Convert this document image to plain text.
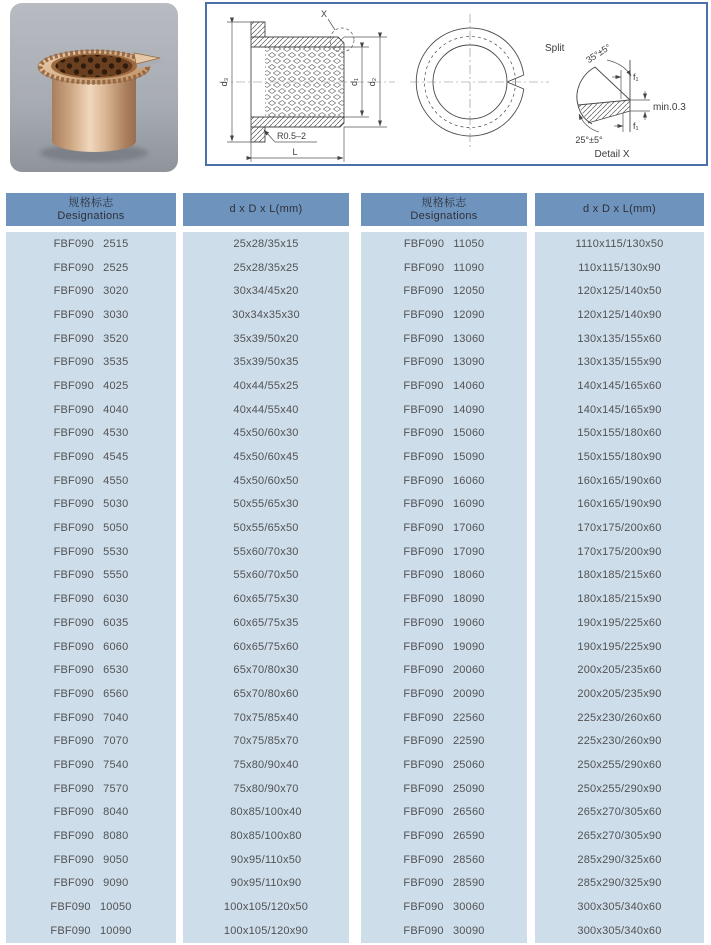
d₃	d₁ d₂
X
R0.5–2
L
Split 35°±5°
f₁
min.0.3
f₁
25°±5°
Detail X
规格标志
Designations
FBF090 2515
FBF090 2525
FBF090 3020
FBF090 3030
FBF090 3520
FBF090 3535
FBF090 4025
FBF090 4040
FBF090 4530
FBF090 4545
FBF090 4550
FBF090 5030
FBF090 5050
FBF090 5530
FBF090 5550
FBF090 6030
FBF090 6035
FBF090 6060
FBF090 6530
FBF090 6560
FBF090 7040
FBF090 7070
FBF090 7540
FBF090 7570
FBF090 8040
FBF090 8080
FBF090 9050
FBF090 9090
FBF090 10050
FBF090 10090
d x D x L(mm)
25x28/35x15
25x28/35x25
30x34/45x20
30x34x35x30
35x39/50x20
35x39/50x35
40x44/55x25
40x44/55x40
45x50/60x30
45x50/60x45
45x50/60x50
50x55/65x30
50x55/65x50
55x60/70x30
55x60/70x50
60x65/75x30
60x65/75x35
60x65/75x60
65x70/80x30
65x70/80x60
70x75/85x40
70x75/85x70
75x80/90x40
75x80/90x70
80x85/100x40
80x85/100x80
90x95/110x50
90x95/110x90
100x105/120x50
100x105/120x90
规格标志
Designations
FBF090 11050
FBF090 11090
FBF090 12050
FBF090 12090
FBF090 13060
FBF090 13090
FBF090 14060
FBF090 14090
FBF090 15060
FBF090 15090
FBF090 16060
FBF090 16090
FBF090 17060
FBF090 17090
FBF090 18060
FBF090 18090
FBF090 19060
FBF090 19090
FBF090 20060
FBF090 20090
FBF090 22560
FBF090 22590
FBF090 25060
FBF090 25090
FBF090 26560
FBF090 26590
FBF090 28560
FBF090 28590
FBF090 30060
FBF090 30090
d x D x L(mm)
1110x115/130x50
110x115/130x90
120x125/140x50
120x125/140x90
130x135/155x60
130x135/155x90
140x145/165x60
140x145/165x90
150x155/180x60
150x155/180x90
160x165/190x60
160x165/190x90
170x175/200x60
170x175/200x90
180x185/215x60
180x185/215x90
190x195/225x60
190x195/225x90
200x205/235x60
200x205/235x90
225x230/260x60
225x230/260x90
250x255/290x60
250x255/290x90
265x270/305x60
265x270/305x90
285x290/325x60
285x290/325x90
300x305/340x60
300x305/340x60
